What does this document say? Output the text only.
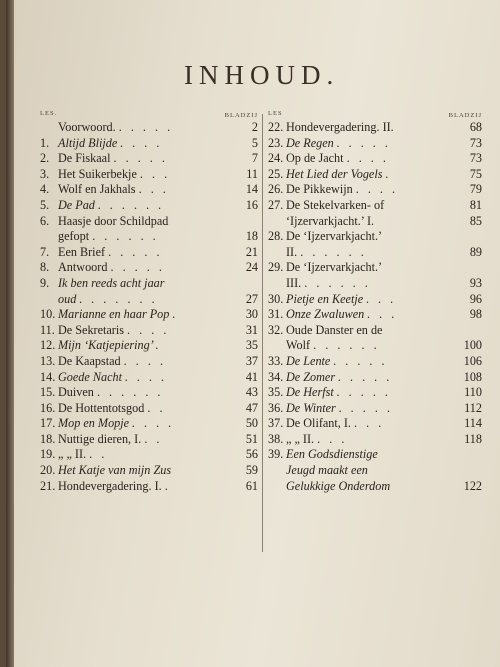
INHOUD.
LES.	BLADZIJ
Voorwoord. . . . . .	2
1. Altijd Blijde . . . .	5
2. De Fiskaal . . . . .	7
3. Het Suikerbekje . . .	11
4. Wolf en Jakhals . . .	14
5. De Pad . . . . . .	16
6. Haasje door Schildpad
gefopt . . . . . .	18
7. Een Brief . . . . .	21
8. Antwoord . . . . .	24
9. Ik ben reeds acht jaar
oud . . . . . . .	27
10. Marianne en haar Pop .	30
11. De Sekretaris . . . .	31
12. Mijn ‘Katjepiering’ .	35
13. De Kaapstad . . . .	37
14. Goede Nacht . . . .	41
15. Duiven . . . . . .	43
16. De Hottentotsgod . .	47
17. Mop en Mopje . . . .	50
18. Nuttige dieren, I. . .	51
19. „ „ II. . .	56
20. Het Katje van mijn Zus	59
21. Hondevergadering. I. .	61
LES	BLADZIJ
22. Hondevergadering. II.	68
23. De Regen . . . . .	73
24. Op de Jacht . . . .	73
25. Het Lied der Vogels .	75
26. De Pikkewijn . . . .	79
27. De Stekelvarken- of	81
‘Ijzervarkjacht.’ I.	85
28. De ‘Ijzervarkjacht.’
II. . . . . . .	89
29. De ‘Ijzervarkjacht.’
III. . . . . . .	93
30. Pietje en Keetje . . .	96
31. Onze Zwaluwen . . .	98
32. Oude Danster en de
Wolf . . . . . .	100
33. De Lente . . . . .	106
34. De Zomer . . . . .	108
35. De Herfst . . . . .	110
36. De Winter . . . . .	112
37. De Olifant, I. . . .	114
38. „ „ II. . . .	118
39. Een Godsdienstige
Jeugd maakt een
Gelukkige Onderdom	122
